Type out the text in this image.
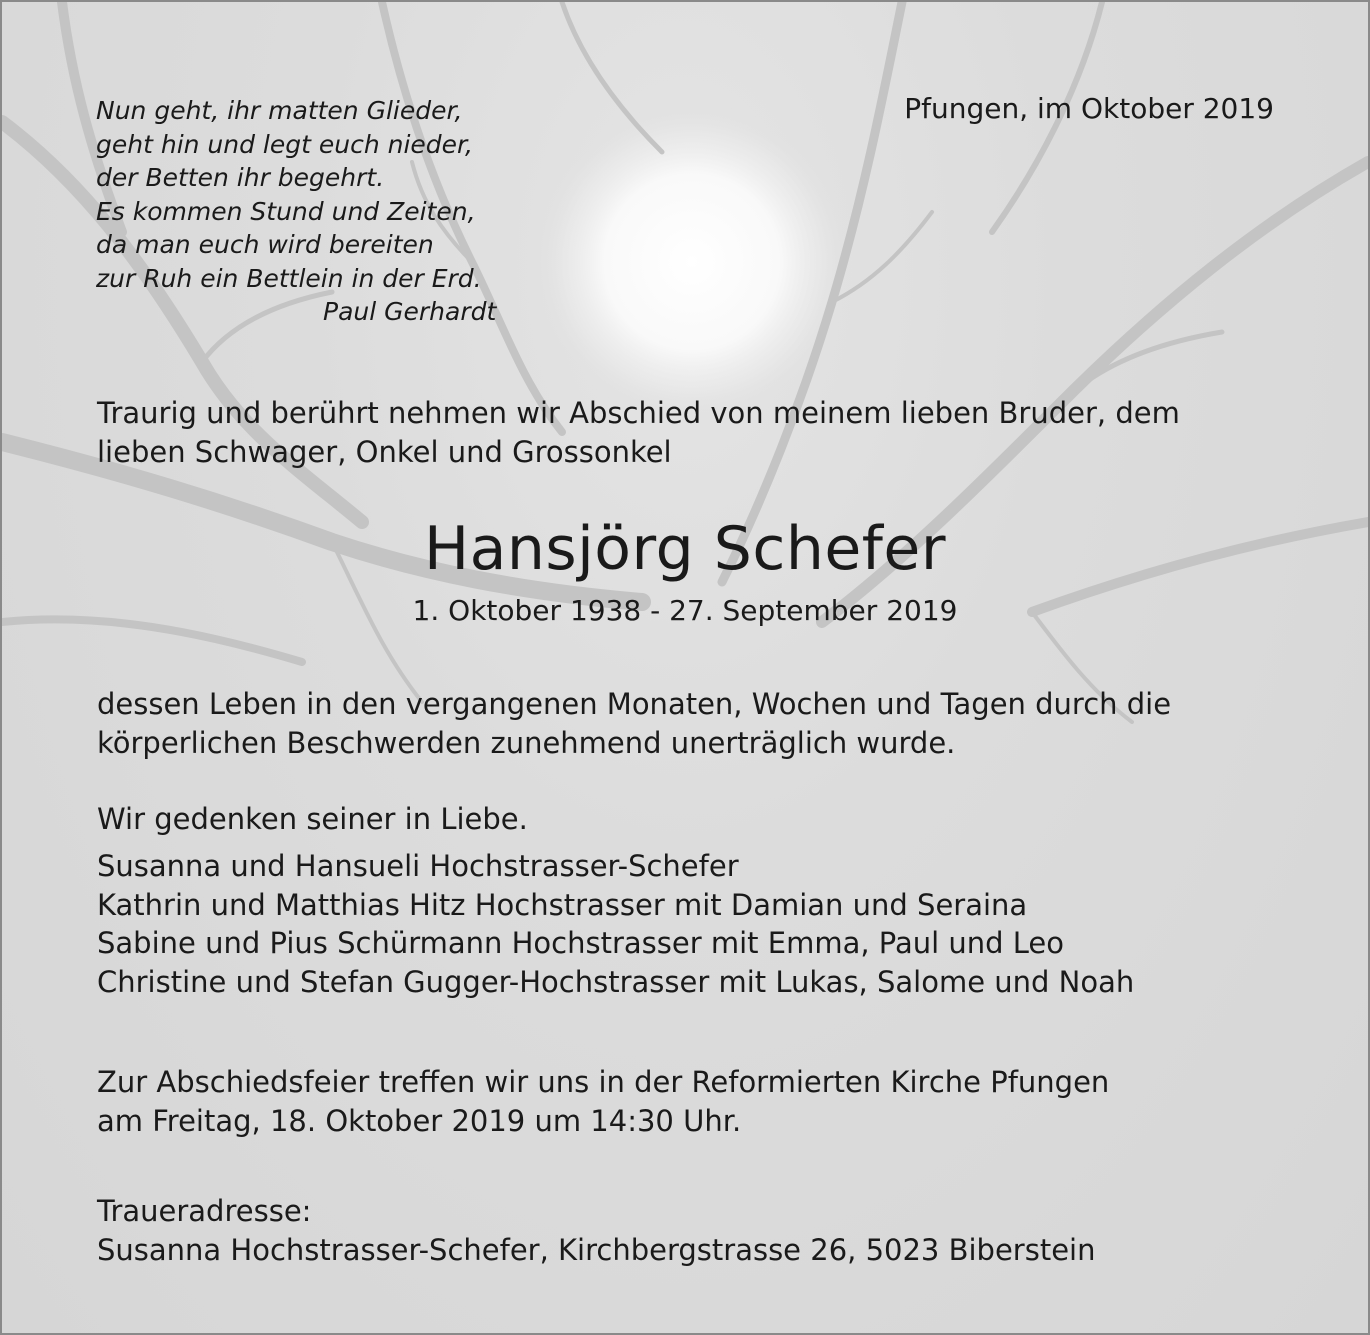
Nun geht, ihr matten Glieder,
geht hin und legt euch nieder,
der Betten ihr begehrt.
Es kommen Stund und Zeiten,
da man euch wird bereiten
zur Ruh ein Bettlein in der Erd.
Paul Gerhardt
Pfungen, im Oktober 2019
Traurig und berührt nehmen wir Abschied von meinem lieben Bruder, dem
lieben Schwager, Onkel und Grossonkel
Hansjörg Schefer
1. Oktober 1938 - 27. September 2019
dessen Leben in den vergangenen Monaten, Wochen und Tagen durch die
körperlichen Beschwerden zunehmend unerträglich wurde.
Wir gedenken seiner in Liebe.
Susanna und Hansueli Hochstrasser-Schefer
Kathrin und Matthias Hitz Hochstrasser mit Damian und Seraina
Sabine und Pius Schürmann Hochstrasser mit Emma, Paul und Leo
Christine und Stefan Gugger-Hochstrasser mit Lukas, Salome und Noah
Zur Abschiedsfeier treffen wir uns in der Reformierten Kirche Pfungen
am Freitag, 18. Oktober 2019 um 14:30 Uhr.
Traueradresse:
Susanna Hochstrasser-Schefer, Kirchbergstrasse 26, 5023 Biberstein
